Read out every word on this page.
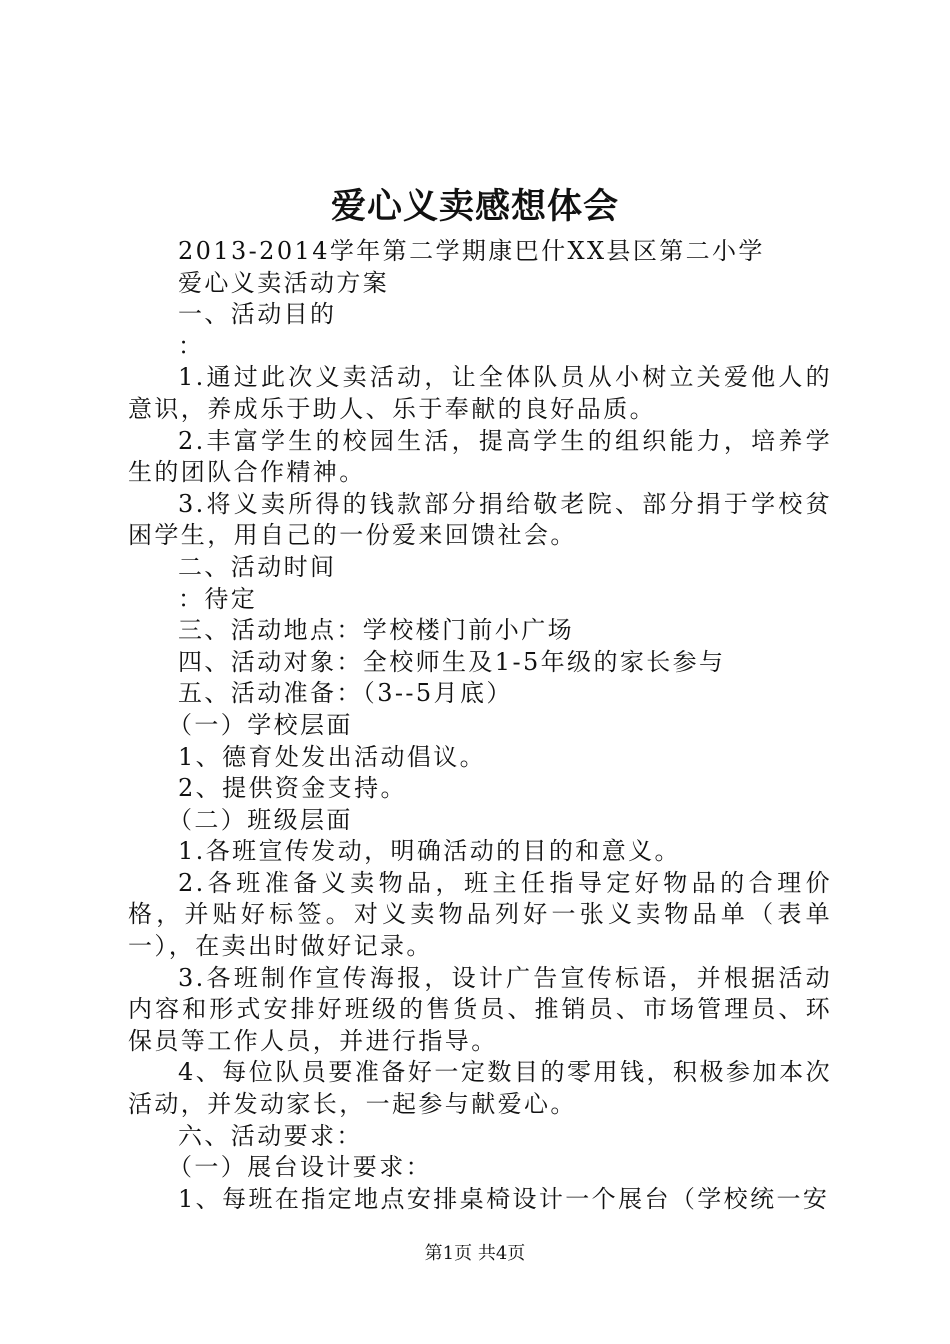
爱心义卖感想体会

2013-2014学年第二学期康巴什XX县区第二小学

爱心义卖活动方案

一、活动目的

：

1.通过此次义卖活动，让全体队员从小树立关爱他人的意识，养成乐于助人、乐于奉献的良好品质。

2.丰富学生的校园生活，提高学生的组织能力，培养学生的团队合作精神。

3.将义卖所得的钱款部分捐给敬老院、部分捐于学校贫困学生，用自己的一份爱来回馈社会。

二、活动时间

：待定

三、活动地点：学校楼门前小广场

四、活动对象：全校师生及1-5年级的家长参与

五、活动准备：（3--5月底）

（一）学校层面

1、德育处发出活动倡议。

2、提供资金支持。

（二）班级层面

1.各班宣传发动，明确活动的目的和意义。

2.各班准备义卖物品，班主任指导定好物品的合理价格，并贴好标签。对义卖物品列好一张义卖物品单（表单一），在卖出时做好记录。

3.各班制作宣传海报，设计广告宣传标语，并根据活动内容和形式安排好班级的售货员、推销员、市场管理员、环保员等工作人员，并进行指导。

4、每位队员要准备好一定数目的零用钱，积极参加本次活动，并发动家长，一起参与献爱心。

六、活动要求：

（一）展台设计要求：

1、每班在指定地点安排桌椅设计一个展台（学校统一安

第1页 共4页
